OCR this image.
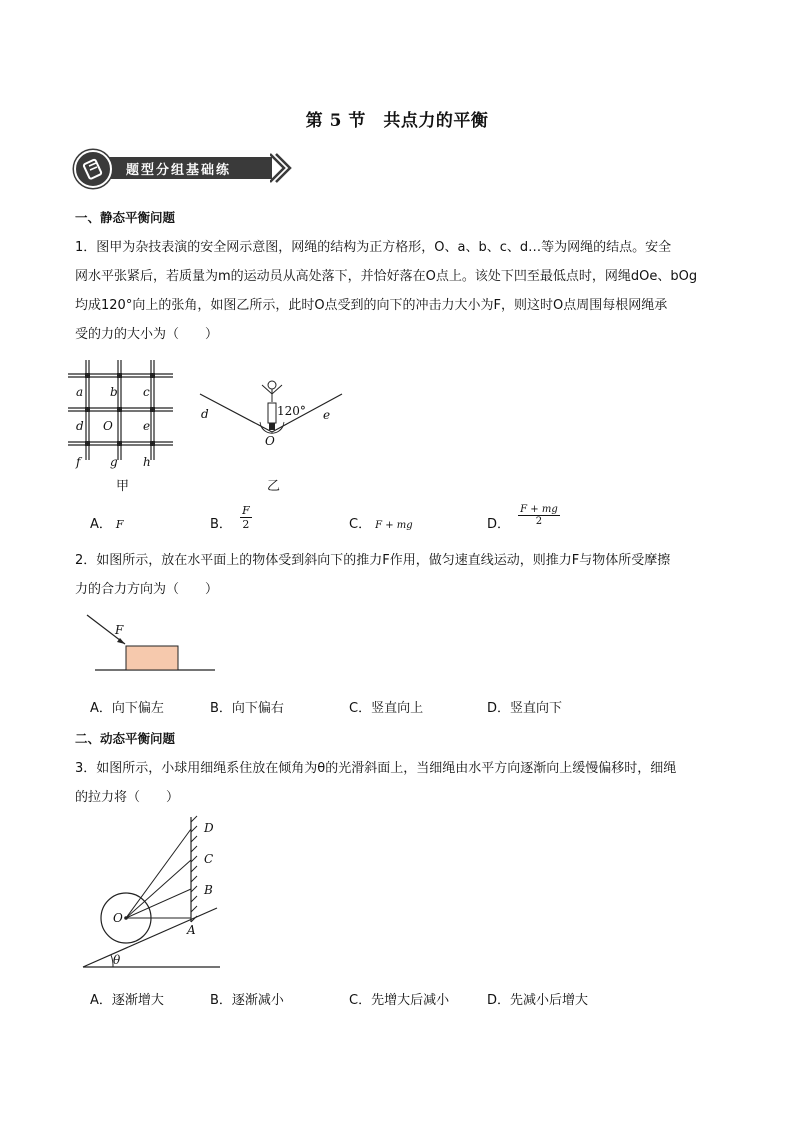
第 5 节　共点力的平衡
题型分组基础练
一、静态平衡问题
1．图甲为杂技表演的安全网示意图，网绳的结构为正方格形，O、a、b、c、d…等为网绳的结点。安全
网水平张紧后，若质量为m的运动员从高处落下，并恰好落在O点上。该处下凹至最低点时，网绳dOe、bOg
均成120°向上的张角，如图乙所示，此时O点受到的向下的冲击力大小为F，则这时O点周围每根网绳承
受的力的大小为（　　）
a b c
d O	e
f g h
甲
120°
d	e
O
乙
A． F	B． $\frac{F}{2}$	C． F + mg	D． $\frac{F + mg}{2}$
2．如图所示，放在水平面上的物体受到斜向下的推力F作用，做匀速直线运动，则推力F与物体所受摩擦
力的合力方向为（　　）
F
A．向下偏左	B．向下偏右	C．竖直向上	D．竖直向下
二、动态平衡问题
3．如图所示，小球用细绳系住放在倾角为θ的光滑斜面上，当细绳由水平方向逐渐向上缓慢偏移时，细绳
的拉力将（　　）
D
C
B
A
O
θ
A．逐渐增大	B．逐渐减小	C．先增大后减小	D．先减小后增大
